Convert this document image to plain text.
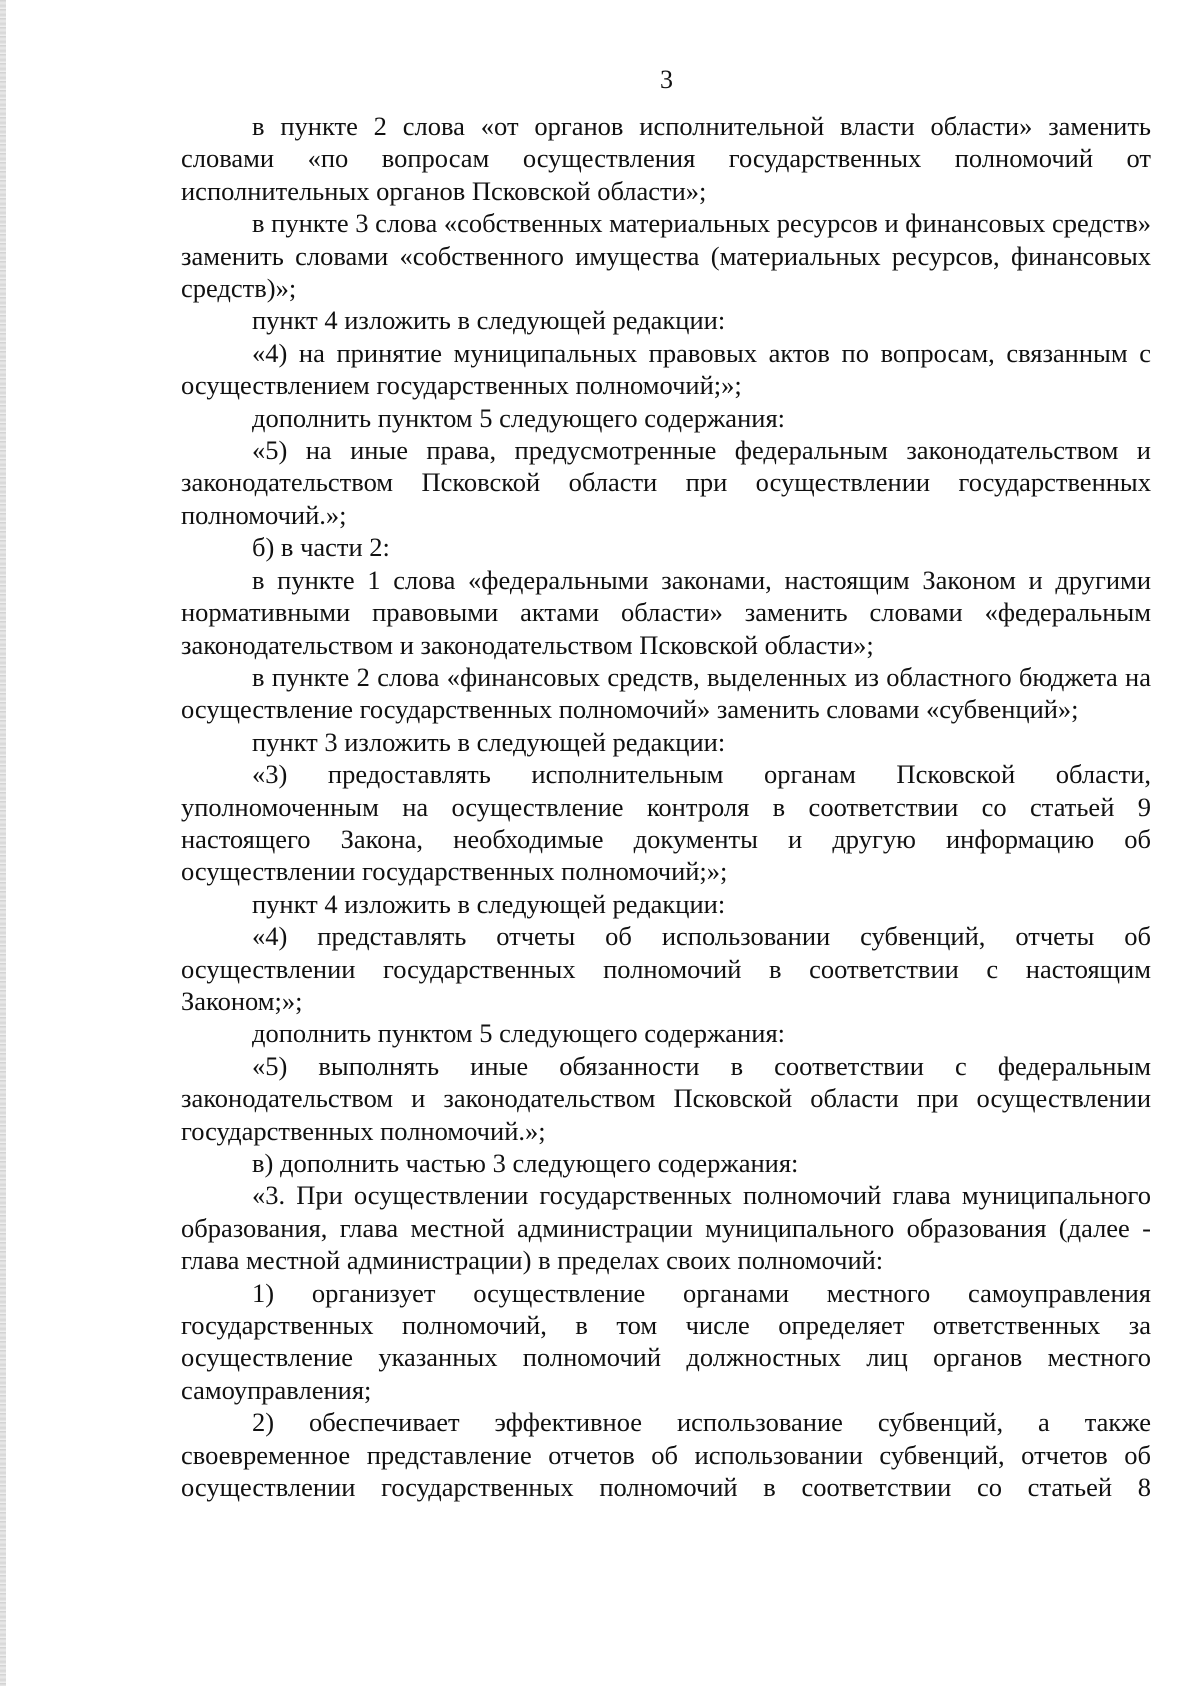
3

в пункте 2 слова «от органов исполнительной власти области» заменить словами «по вопросам осуществления государственных полномочий от исполнительных органов Псковской области»;

в пункте 3 слова «собственных материальных ресурсов и финансовых средств» заменить словами «собственного имущества (материальных ресурсов, финансовых средств)»;

пункт 4 изложить в следующей редакции:

«4) на принятие муниципальных правовых актов по вопросам, связанным с осуществлением государственных полномочий;»;

дополнить пунктом 5 следующего содержания:

«5) на иные права, предусмотренные федеральным законодательством и законодательством Псковской области при осуществлении государственных полномочий.»;

б) в части 2:

в пункте 1 слова «федеральными законами, настоящим Законом и другими нормативными правовыми актами области» заменить словами «федеральным законодательством и законодательством Псковской области»;

в пункте 2 слова «финансовых средств, выделенных из областного бюджета на осуществление государственных полномочий» заменить словами «субвенций»;

пункт 3 изложить в следующей редакции:

«3) предоставлять исполнительным органам Псковской области, уполномоченным на осуществление контроля в соответствии со статьей 9 настоящего Закона, необходимые документы и другую информацию об осуществлении государственных полномочий;»;

пункт 4 изложить в следующей редакции:

«4) представлять отчеты об использовании субвенций, отчеты об осуществлении государственных полномочий в соответствии с настоящим Законом;»;

дополнить пунктом 5 следующего содержания:

«5) выполнять иные обязанности в соответствии с федеральным законодательством и законодательством Псковской области при осуществлении государственных полномочий.»;

в) дополнить частью 3 следующего содержания:

«3. При осуществлении государственных полномочий глава муниципального образования, глава местной администрации муниципального образования (далее - глава местной администрации) в пределах своих полномочий:

1) организует осуществление органами местного самоуправления государственных полномочий, в том числе определяет ответственных за осуществление указанных полномочий должностных лиц органов местного самоуправления;

2) обеспечивает эффективное использование субвенций, а также своевременное представление отчетов об использовании субвенций, отчетов об осуществлении государственных полномочий в соответствии со статьей 8
